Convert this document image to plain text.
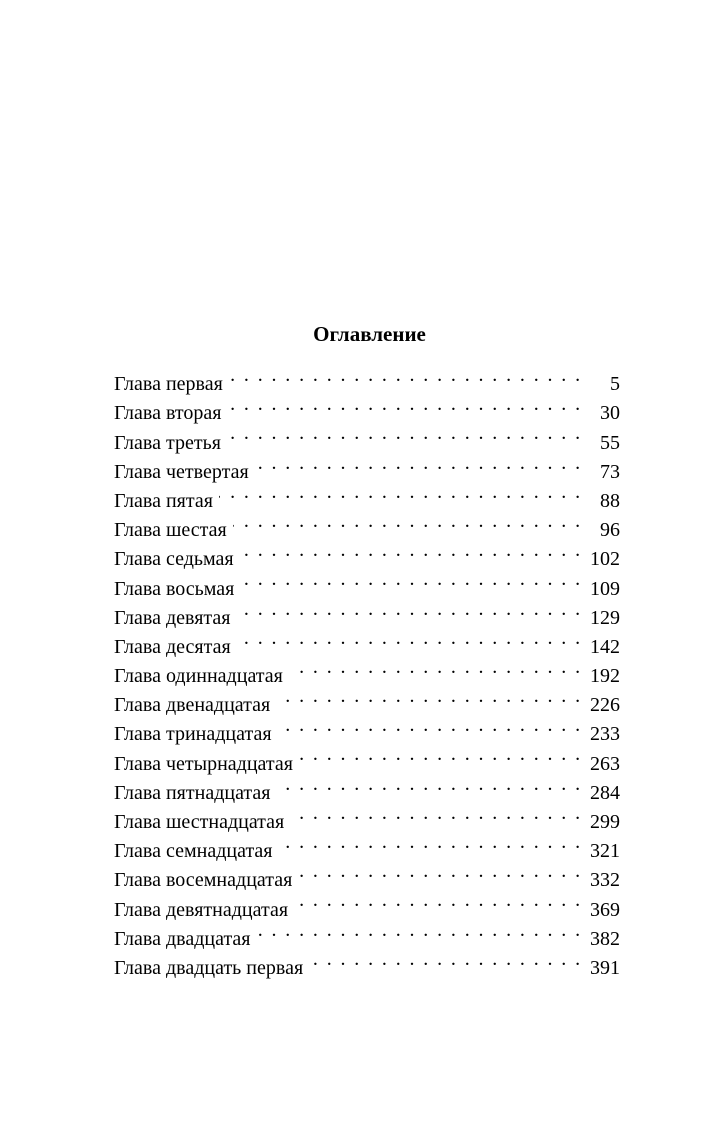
Оглавление
Глава первая . . .	5
Глава вторая . . .	30
Глава третья . . .	55
Глава четвертая . . .	73
Глава пятая . . .	88
Глава шестая . . .	96
Глава седьмая . . .	102
Глава восьмая . . .	109
Глава девятая . . .	129
Глава десятая . . .	142
Глава одиннадцатая . . .	192
Глава двенадцатая . . .	226
Глава тринадцатая . . .	233
Глава четырнадцатая . . .	263
Глава пятнадцатая . . .	284
Глава шестнадцатая . . .	299
Глава семнадцатая . . .	321
Глава восемнадцатая . . .	332
Глава девятнадцатая . . .	369
Глава двадцатая . . .	382
Глава двадцать первая . . .	391
